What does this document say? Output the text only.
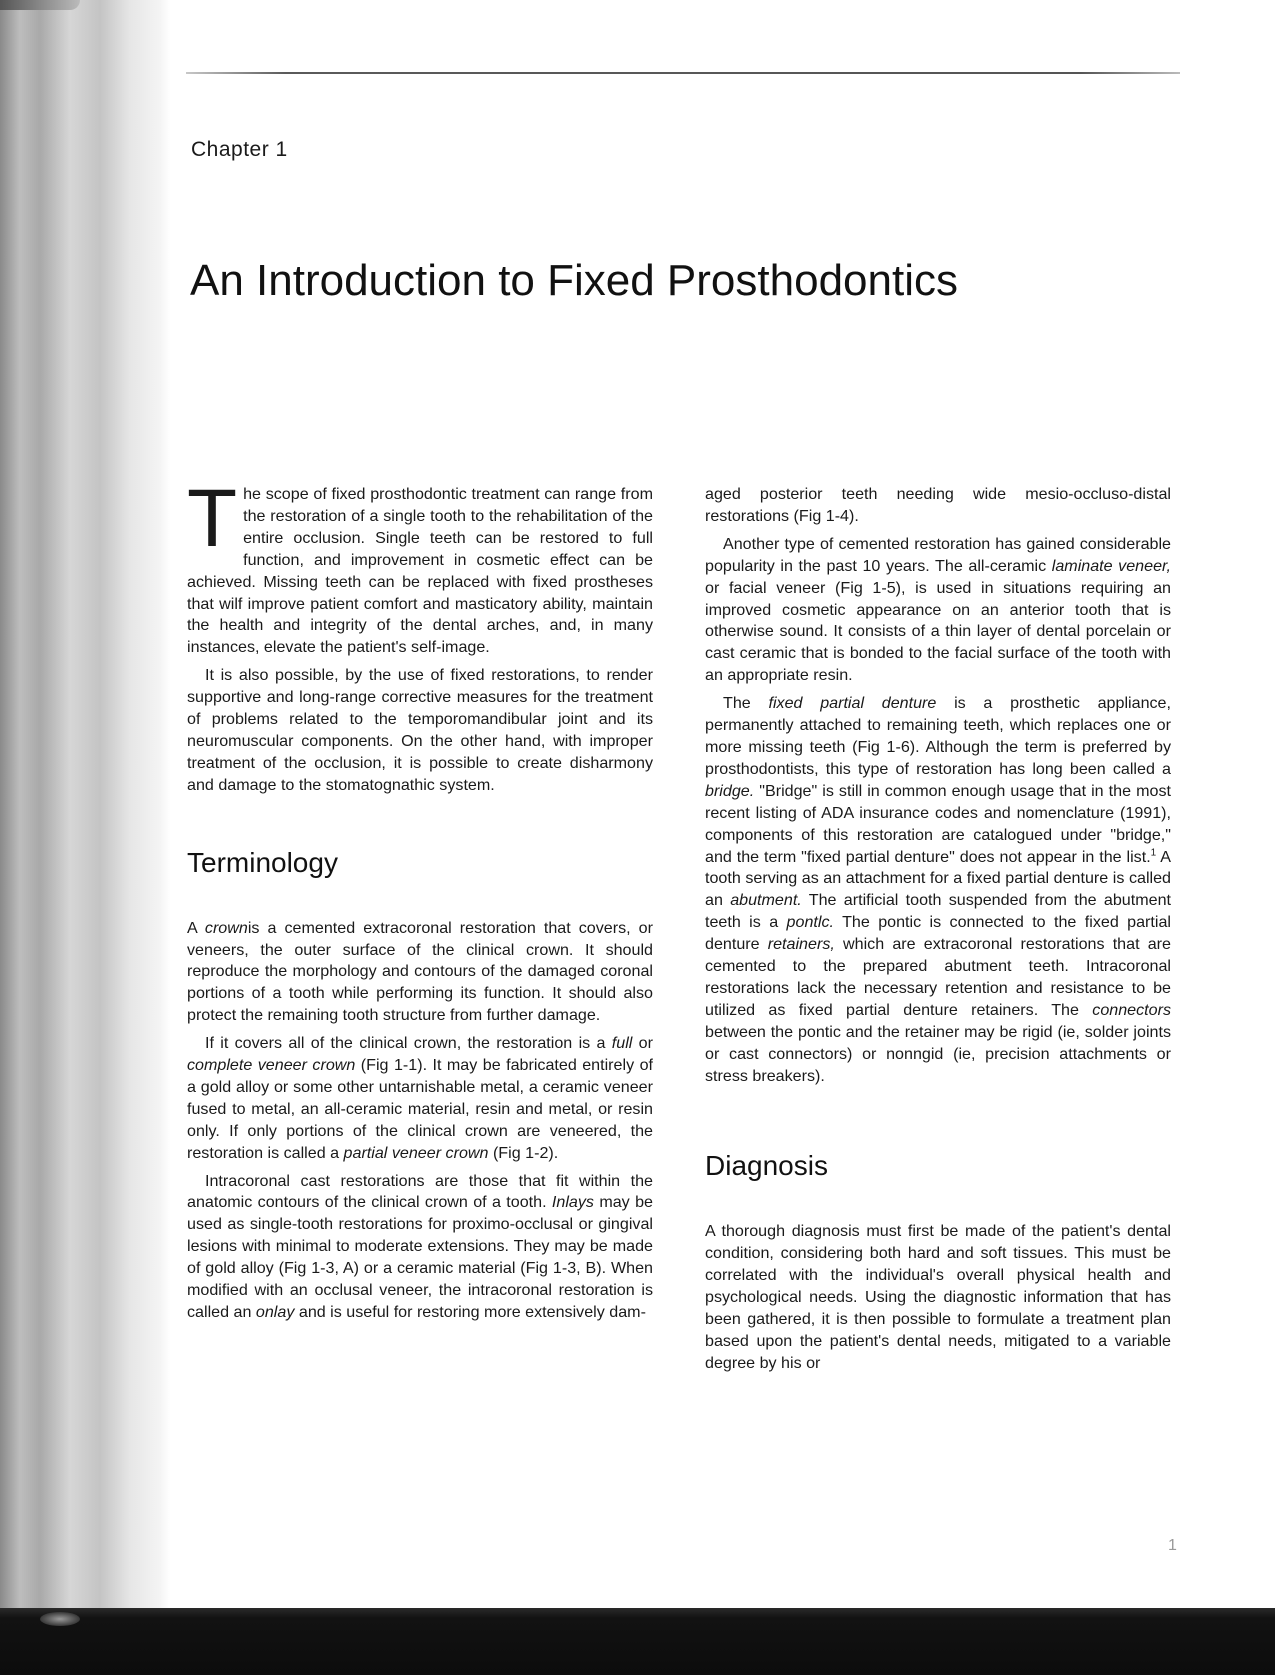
Chapter 1
An Introduction to Fixed Prosthodontics

The scope of fixed prosthodontic treatment can range from the restoration of a single tooth to the rehabilitation of the entire occlusion. Single teeth can be restored to full function, and improvement in cosmetic effect can be achieved. Missing teeth can be replaced with fixed prostheses that wilf improve patient comfort and masticatory ability, maintain the health and integrity of the dental arches, and, in many instances, elevate the patient's self-image.

It is also possible, by the use of fixed restorations, to render supportive and long-range corrective measures for the treatment of problems related to the temporomandibular joint and its neuromuscular components. On the other hand, with improper treatment of the occlusion, it is possible to create disharmony and damage to the stomatognathic system.

Terminology

A crownis a cemented extracoronal restoration that covers, or veneers, the outer surface of the clinical crown. It should reproduce the morphology and contours of the damaged coronal portions of a tooth while performing its function. It should also protect the remaining tooth structure from further damage.

If it covers all of the clinical crown, the restoration is a full or complete veneer crown (Fig 1-1). It may be fabricated entirely of a gold alloy or some other untarnishable metal, a ceramic veneer fused to metal, an all-ceramic material, resin and metal, or resin only. If only portions of the clinical crown are veneered, the restoration is called a partial veneer crown (Fig 1-2).

Intracoronal cast restorations are those that fit within the anatomic contours of the clinical crown of a tooth. Inlays may be used as single-tooth restorations for proximo-occlusal or gingival lesions with minimal to moderate extensions. They may be made of gold alloy (Fig 1-3, A) or a ceramic material (Fig 1-3, B). When modified with an occlusal veneer, the intracoronal restoration is called an onlay and is useful for restoring more extensively dam-

aged posterior teeth needing wide mesio-occluso-distal restorations (Fig 1-4).

Another type of cemented restoration has gained considerable popularity in the past 10 years. The all-ceramic laminate veneer, or facial veneer (Fig 1-5), is used in situations requiring an improved cosmetic appearance on an anterior tooth that is otherwise sound. It consists of a thin layer of dental porcelain or cast ceramic that is bonded to the facial surface of the tooth with an appropriate resin.

The fixed partial denture is a prosthetic appliance, permanently attached to remaining teeth, which replaces one or more missing teeth (Fig 1-6). Although the term is preferred by prosthodontists, this type of restoration has long been called a bridge. "Bridge" is still in common enough usage that in the most recent listing of ADA insurance codes and nomenclature (1991), components of this restoration are catalogued under "bridge," and the term "fixed partial denture" does not appear in the list.$^1$ A tooth serving as an attachment for a fixed partial denture is called an abutment. The artificial tooth suspended from the abutment teeth is a pontlc. The pontic is connected to the fixed partial denture retainers, which are extracoronal restorations that are cemented to the prepared abutment teeth. Intracoronal restorations lack the necessary retention and resistance to be utilized as fixed partial denture retainers. The connectors between the pontic and the retainer may be rigid (ie, solder joints or cast connectors) or nonngid (ie, precision attachments or stress breakers).

Diagnosis

A thorough diagnosis must first be made of the patient's dental condition, considering both hard and soft tissues. This must be correlated with the individual's overall physical health and psychological needs. Using the diagnostic information that has been gathered, it is then possible to formulate a treatment plan based upon the patient's dental needs, mitigated to a variable degree by his or

1
